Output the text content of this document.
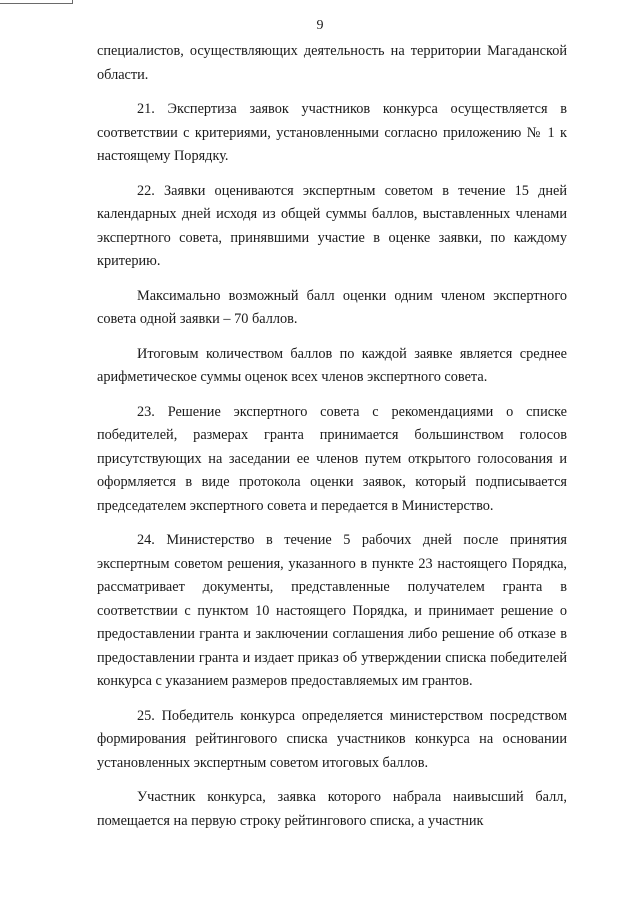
9

специалистов, осуществляющих деятельность на территории Магаданской области.

21. Экспертиза заявок участников конкурса осуществляется в соответствии с критериями, установленными согласно приложению № 1 к настоящему Порядку.

22. Заявки оцениваются экспертным советом в течение 15 дней календарных дней исходя из общей суммы баллов, выставленных членами экспертного совета, принявшими участие в оценке заявки, по каждому критерию.

Максимально возможный балл оценки одним членом экспертного совета одной заявки – 70 баллов.

Итоговым количеством баллов по каждой заявке является среднее арифметическое суммы оценок всех членов экспертного совета.

23. Решение экспертного совета с рекомендациями о списке победителей, размерах гранта принимается большинством голосов присутствующих на заседании ее членов путем открытого голосования и оформляется в виде протокола оценки заявок, который подписывается председателем экспертного совета и передается в Министерство.

24. Министерство в течение 5 рабочих дней после принятия экспертным советом решения, указанного в пункте 23 настоящего Порядка, рассматривает документы, представленные получателем гранта в соответствии с пунктом 10 настоящего Порядка, и принимает решение о предоставлении гранта и заключении соглашения либо решение об отказе в предоставлении гранта и издает приказ об утверждении списка победителей конкурса с указанием размеров предоставляемых им грантов.

25. Победитель конкурса определяется министерством посредством формирования рейтингового списка участников конкурса на основании установленных экспертным советом итоговых баллов.

Участник конкурса, заявка которого набрала наивысший балл, помещается на первую строку рейтингового списка, а участник
